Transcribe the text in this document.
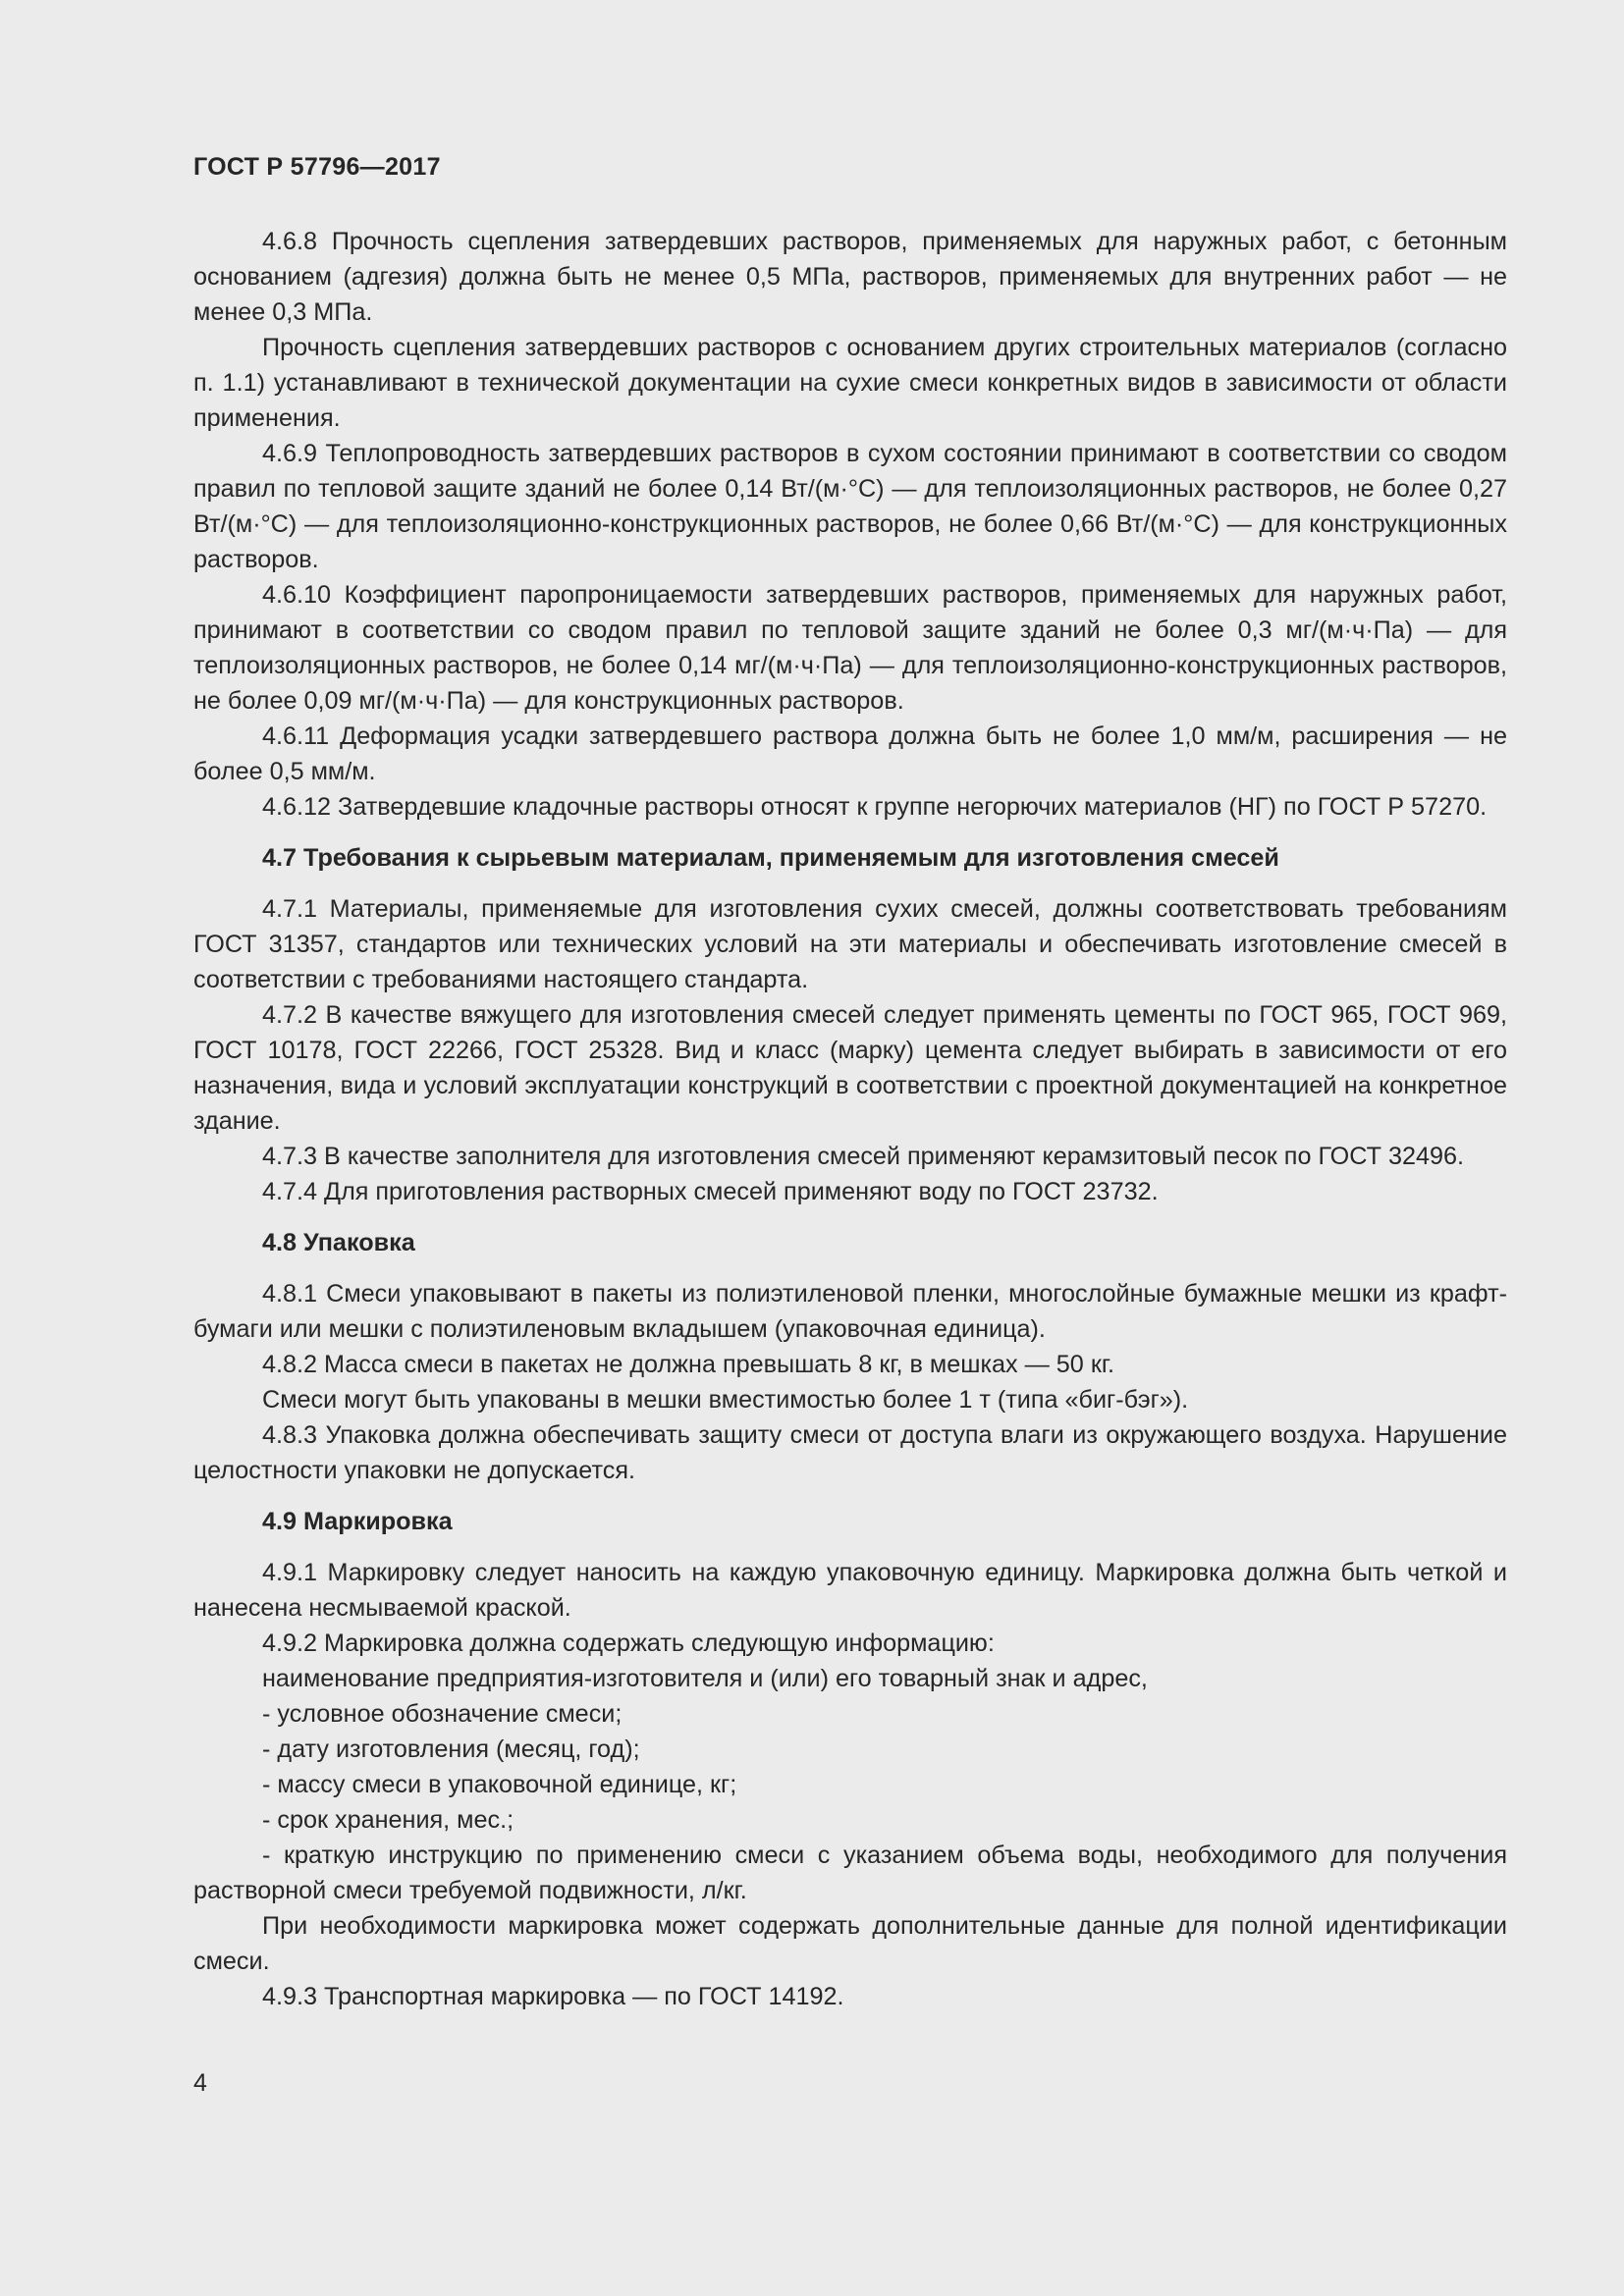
ГОСТ Р 57796—2017

4.6.8 Прочность сцепления затвердевших растворов, применяемых для наружных работ, с бетонным основанием (адгезия) должна быть не менее 0,5 МПа, растворов, применяемых для внутренних работ — не менее 0,3 МПа.

Прочность сцепления затвердевших растворов с основанием других строительных материалов (согласно п. 1.1) устанавливают в технической документации на сухие смеси конкретных видов в зависимости от области применения.

4.6.9 Теплопроводность затвердевших растворов в сухом состоянии принимают в соответствии со сводом правил по тепловой защите зданий не более 0,14 Вт/(м·°С) — для теплоизоляционных растворов, не более 0,27 Вт/(м·°С) — для теплоизоляционно-конструкционных растворов, не более 0,66 Вт/(м·°С) — для конструкционных растворов.

4.6.10 Коэффициент паропроницаемости затвердевших растворов, применяемых для наружных работ, принимают в соответствии со сводом правил по тепловой защите зданий не более 0,3 мг/(м·ч·Па) — для теплоизоляционных растворов, не более 0,14 мг/(м·ч·Па) — для теплоизоляционно-конструкционных растворов, не более 0,09 мг/(м·ч·Па) — для конструкционных растворов.

4.6.11 Деформация усадки затвердевшего раствора должна быть не более 1,0 мм/м, расширения — не более 0,5 мм/м.

4.6.12 Затвердевшие кладочные растворы относят к группе негорючих материалов (НГ) по ГОСТ Р 57270.

4.7 Требования к сырьевым материалам, применяемым для изготовления смесей

4.7.1 Материалы, применяемые для изготовления сухих смесей, должны соответствовать требованиям ГОСТ 31357, стандартов или технических условий на эти материалы и обеспечивать изготовление смесей в соответствии с требованиями настоящего стандарта.

4.7.2 В качестве вяжущего для изготовления смесей следует применять цементы по ГОСТ 965, ГОСТ 969, ГОСТ 10178, ГОСТ 22266, ГОСТ 25328. Вид и класс (марку) цемента следует выбирать в зависимости от его назначения, вида и условий эксплуатации конструкций в соответствии с проектной документацией на конкретное здание.

4.7.3 В качестве заполнителя для изготовления смесей применяют керамзитовый песок по ГОСТ 32496.

4.7.4 Для приготовления растворных смесей применяют воду по ГОСТ 23732.

4.8 Упаковка

4.8.1 Смеси упаковывают в пакеты из полиэтиленовой пленки, многослойные бумажные мешки из крафт-бумаги или мешки с полиэтиленовым вкладышем (упаковочная единица).

4.8.2 Масса смеси в пакетах не должна превышать 8 кг, в мешках — 50 кг.

Смеси могут быть упакованы в мешки вместимостью более 1 т (типа «биг-бэг»).

4.8.3 Упаковка должна обеспечивать защиту смеси от доступа влаги из окружающего воздуха. Нарушение целостности упаковки не допускается.

4.9 Маркировка

4.9.1 Маркировку следует наносить на каждую упаковочную единицу. Маркировка должна быть четкой и нанесена несмываемой краской.

4.9.2 Маркировка должна содержать следующую информацию:

наименование предприятия-изготовителя и (или) его товарный знак и адрес,

- условное обозначение смеси;

- дату изготовления (месяц, год);

- массу смеси в упаковочной единице, кг;

- срок хранения, мес.;

- краткую инструкцию по применению смеси с указанием объема воды, необходимого для получения растворной смеси требуемой подвижности, л/кг.

При необходимости маркировка может содержать дополнительные данные для полной идентификации смеси.

4.9.3 Транспортная маркировка — по ГОСТ 14192.

4
